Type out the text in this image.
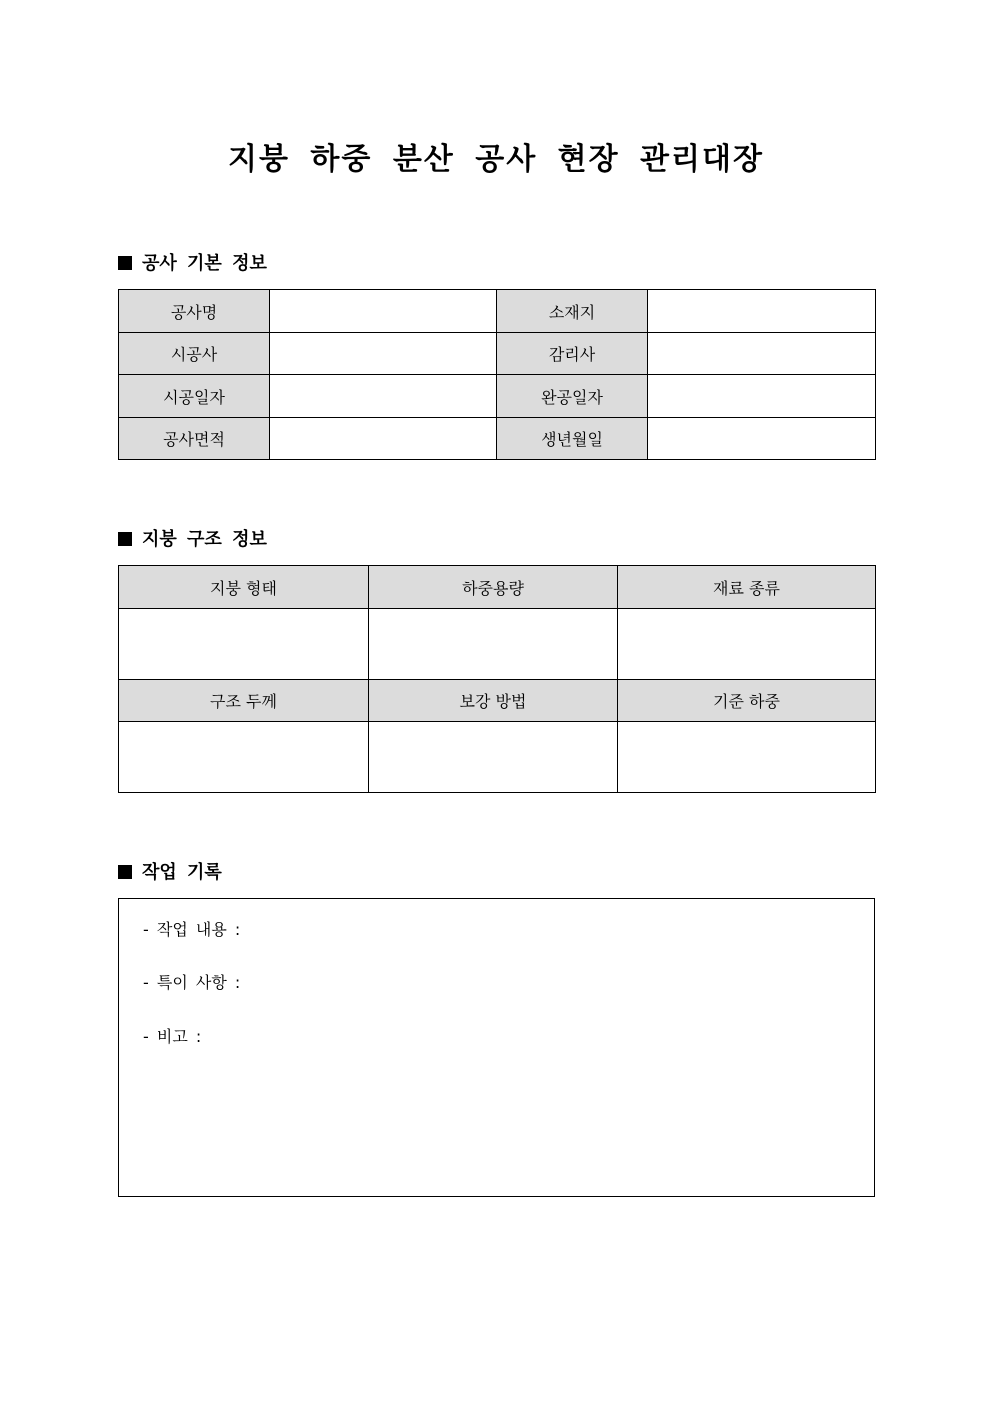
지붕 하중 분산 공사 현장 관리대장
공사 기본 정보
공사명		소재지	
시공사		감리사	
시공일자		완공일자	
공사면적		생년월일	
지붕 구조 정보
지붕 형태	하중용량	재료 종류

구조 두께	보강 방법	기준 하중

작업 기록
- 작업 내용 :
- 특이 사항 :
- 비고 :
